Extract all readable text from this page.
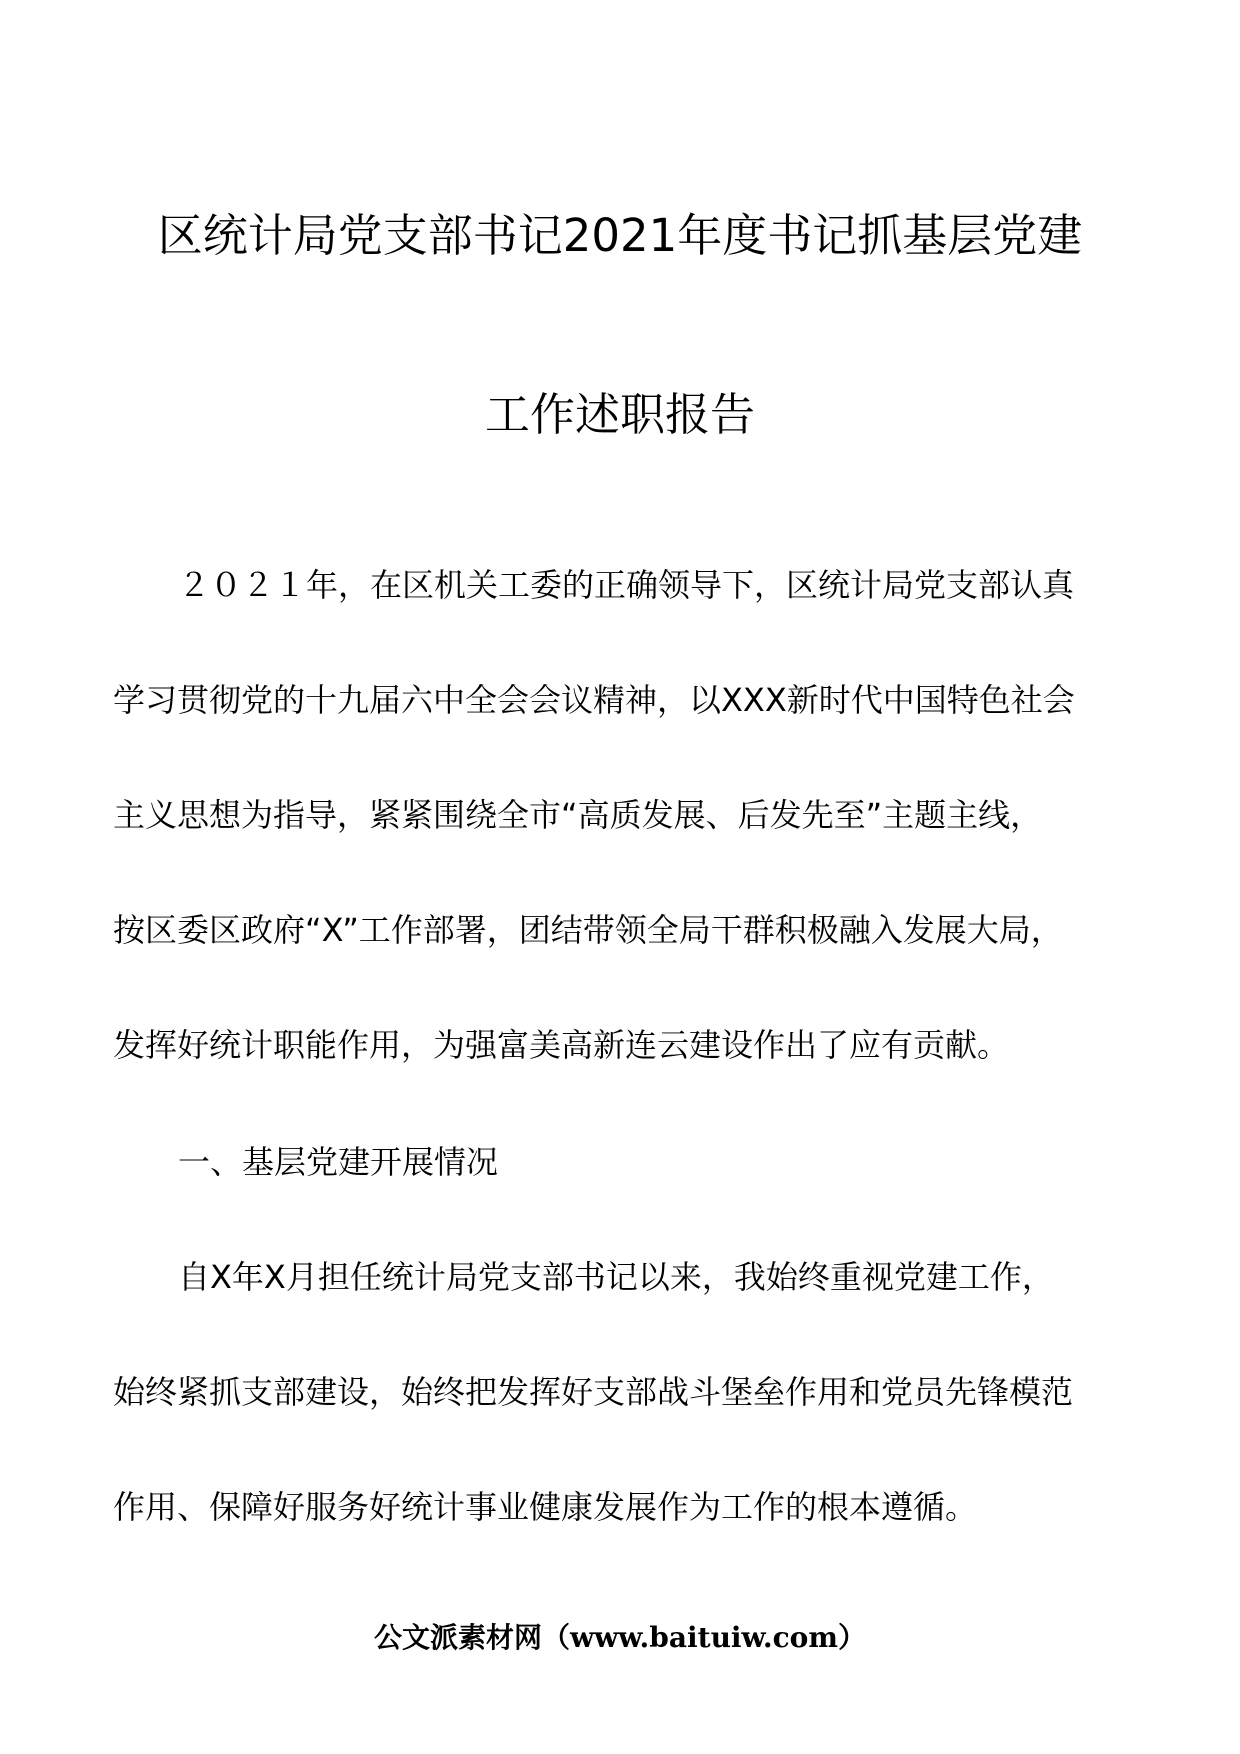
区统计局党支部书记2021年度书记抓基层党建
工作述职报告

２０２１年，在区机关工委的正确领导下，区统计局党支部认真

学习贯彻党的十九届六中全会会议精神，以XXX新时代中国特色社会

主义思想为指导，紧紧围绕全市“高质发展、后发先至”主题主线，

按区委区政府“X”工作部署，团结带领全局干群积极融入发展大局，

发挥好统计职能作用，为强富美高新连云建设作出了应有贡献。

一、基层党建开展情况

自X年X月担任统计局党支部书记以来，我始终重视党建工作，

始终紧抓支部建设，始终把发挥好支部战斗堡垒作用和党员先锋模范

作用、保障好服务好统计事业健康发展作为工作的根本遵循。

公文派素材网（www.baituiw.com）
